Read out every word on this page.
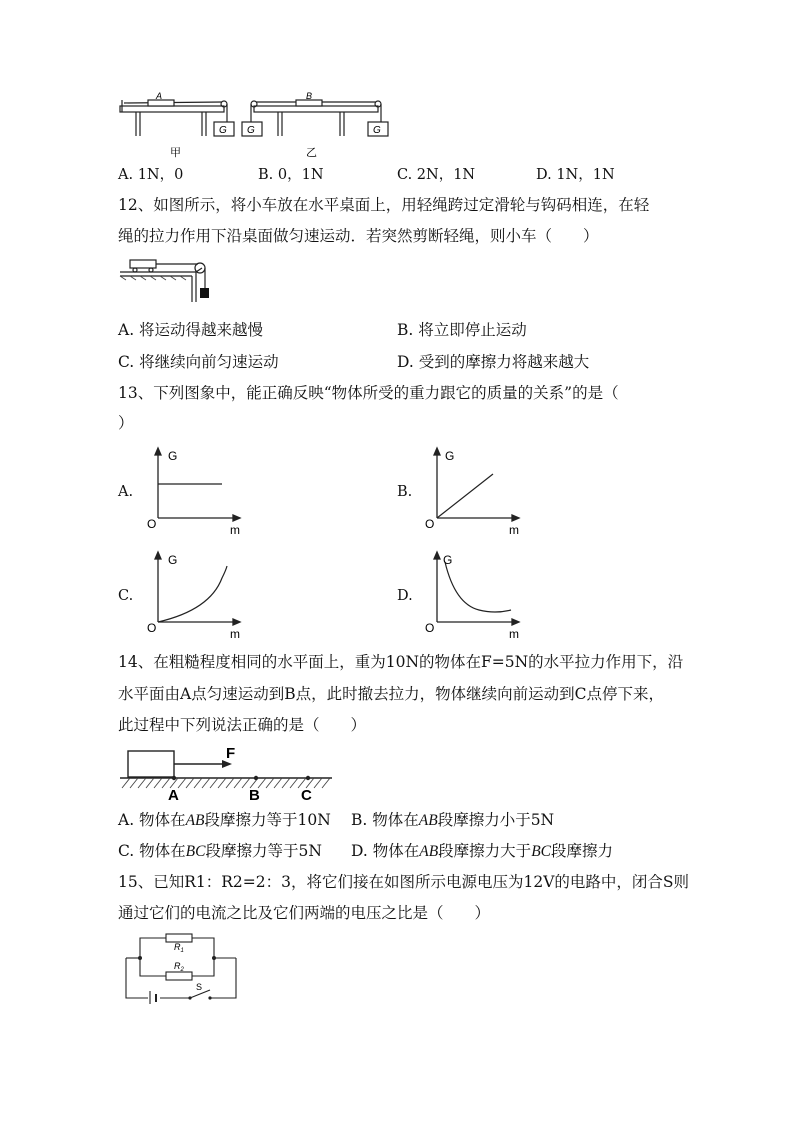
A
G
B
G	G
甲	乙
A. 1N，0	B. 0，1N	C. 2N，1N	D. 1N，1N
12、如图所示，将小车放在水平桌面上，用轻绳跨过定滑轮与钩码相连，在轻
绳的拉力作用下沿桌面做匀速运动．若突然剪断轻绳，则小车（　　）
A. 将运动得越来越慢	B. 将立即停止运动
C. 将继续向前匀速运动	D. 受到的摩擦力将越来越大
13、下列图象中，能正确反映“物体所受的重力跟它的质量的关系”的是（
）
A.	B.
C.	D.
G
O	m
G
O	m
G
O	m
G
O	m
14、在粗糙程度相同的水平面上，重为10N的物体在F=5N的水平拉力作用下，沿
水平面由A点匀速运动到B点，此时撤去拉力，物体继续向前运动到C点停下来，
此过程中下列说法正确的是（　　）
F
A	B	C
A. 物体在AB段摩擦力等于10N B. 物体在AB段摩擦力小于5N
C. 物体在BC段摩擦力等于5N D. 物体在AB段摩擦力大于BC段摩擦力
15、已知R1：R2=2：3，将它们接在如图所示电源电压为12V的电路中，闭合S则
通过它们的电流之比及它们两端的电压之比是（　　）
$R_1$
$R_2$
S
